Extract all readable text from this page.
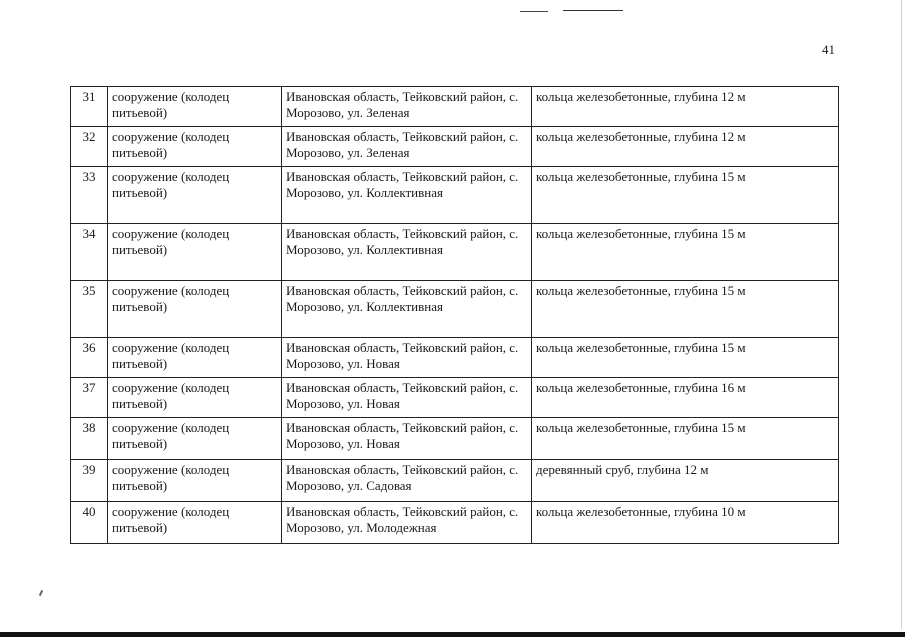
41
31	сооружение (колодец питьевой)	Ивановская область, Тейковский район, с. Морозово, ул. Зеленая	кольца железобетонные, глубина 12 м
32	сооружение (колодец питьевой)	Ивановская область, Тейковский район, с. Морозово, ул. Зеленая	кольца железобетонные, глубина 12 м
33	сооружение (колодец питьевой)	Ивановская область, Тейковский район, с. Морозово, ул. Коллективная	кольца железобетонные, глубина 15 м
34	сооружение (колодец питьевой)	Ивановская область, Тейковский район, с. Морозово, ул. Коллективная	кольца железобетонные, глубина 15 м
35	сооружение (колодец питьевой)	Ивановская область, Тейковский район, с. Морозово, ул. Коллективная	кольца железобетонные, глубина 15 м
36	сооружение (колодец питьевой)	Ивановская область, Тейковский район, с. Морозово, ул. Новая	кольца железобетонные, глубина 15 м
37	сооружение (колодец питьевой)	Ивановская область, Тейковский район, с. Морозово, ул. Новая	кольца железобетонные, глубина 16 м
38	сооружение (колодец питьевой)	Ивановская область, Тейковский район, с. Морозово, ул. Новая	кольца железобетонные, глубина 15 м
39	сооружение (колодец питьевой)	Ивановская область, Тейковский район, с. Морозово, ул. Садовая	деревянный сруб, глубина 12 м
40	сооружение (колодец питьевой)	Ивановская область, Тейковский район, с. Морозово, ул. Молодежная	кольца железобетонные, глубина 10 м
